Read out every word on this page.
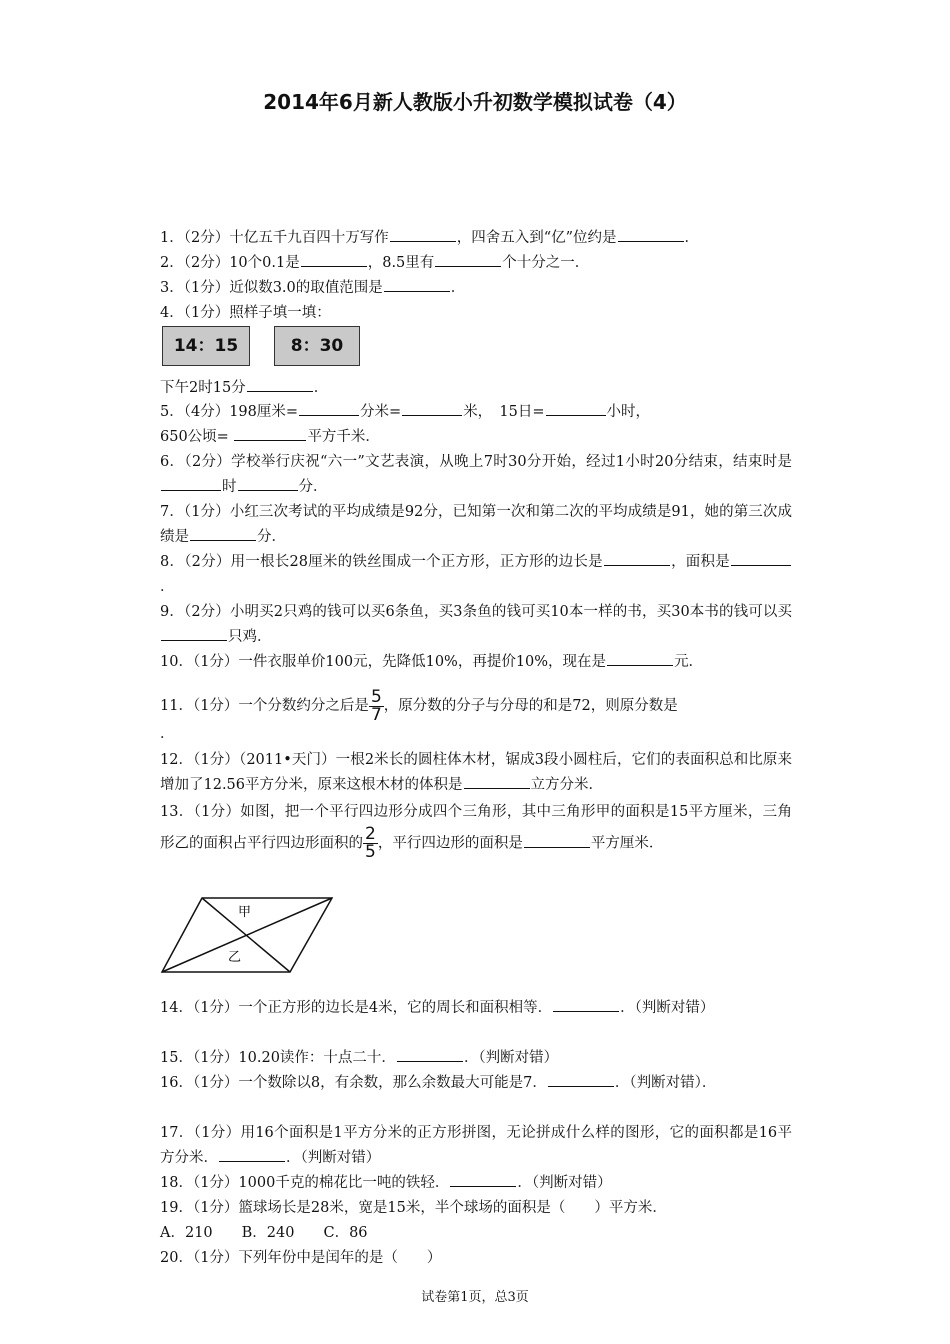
2014年6月新人教版小升初数学模拟试卷（4）
1．（2分）十亿五千九百四十万写作	，四舍五入到“亿”位约是	．
2．（2分）10个0.1是	，8.5里有	个十分之一．
3．（1分）近似数3.0的取值范围是	．
4．（1分）照样子填一填：
14：15	8：30
下午2时15分	．
5．（4分）198厘米=	分米=	米，　15日=	小时，
650公顷=	平方千米．
6．（2分）学校举行庆祝“六一”文艺表演，从晚上7时30分开始，经过1小时20分结束，结束时是时	分．
7．（1分）小红三次考试的平均成绩是92分，已知第一次和第二次的平均成绩是91，她的第三次成绩是	分．
8．（2分）用一根长28厘米的铁丝围成一个正方形，正方形的边长是	，面积是．
9．（2分）小明买2只鸡的钱可以买6条鱼，买3条鱼的钱可买10本一样的书，买30本书的钱可以买只鸡．
10．（1分）一件衣服单价100元，先降低10%，再提价10%，现在是	元．
11．（1分）一个分数约分之后是 $\frac{5}{7}$ ，原分数的分子与分母的和是72，则原分数是
．
12．（1分）（2011•天门）一根2米长的圆柱体木材，锯成3段小圆柱后，它们的表面积总和比原来增加了12.56平方分米，原来这根木材的体积是	立方分米．
13．（1分）如图，把一个平行四边形分成四个三角形，其中三角形甲的面积是15平方厘米，三角形乙的面积占平行四边形面积的 $\frac{2}{5}$ ，平行四边形的面积是	平方厘米．
甲
乙
14．（1分）一个正方形的边长是4米，它的周长和面积相等．	．（判断对错）
15．（1分）10.20读作：十点二十．	．（判断对错）
16．（1分）一个数除以8，有余数，那么余数最大可能是7．	．（判断对错）．
17．（1分）用16个面积是1平方分米的正方形拼图，无论拼成什么样的图形，它的面积都是16平方分米．	．（判断对错）
18．（1分）1000千克的棉花比一吨的铁轻．	．（判断对错）
19．（1分）篮球场长是28米，宽是15米，半个球场的面积是（　　）平方米．
A．210　　B．240　　C．86
20．（1分）下列年份中是闰年的是（　　）
试卷第1页，总3页
